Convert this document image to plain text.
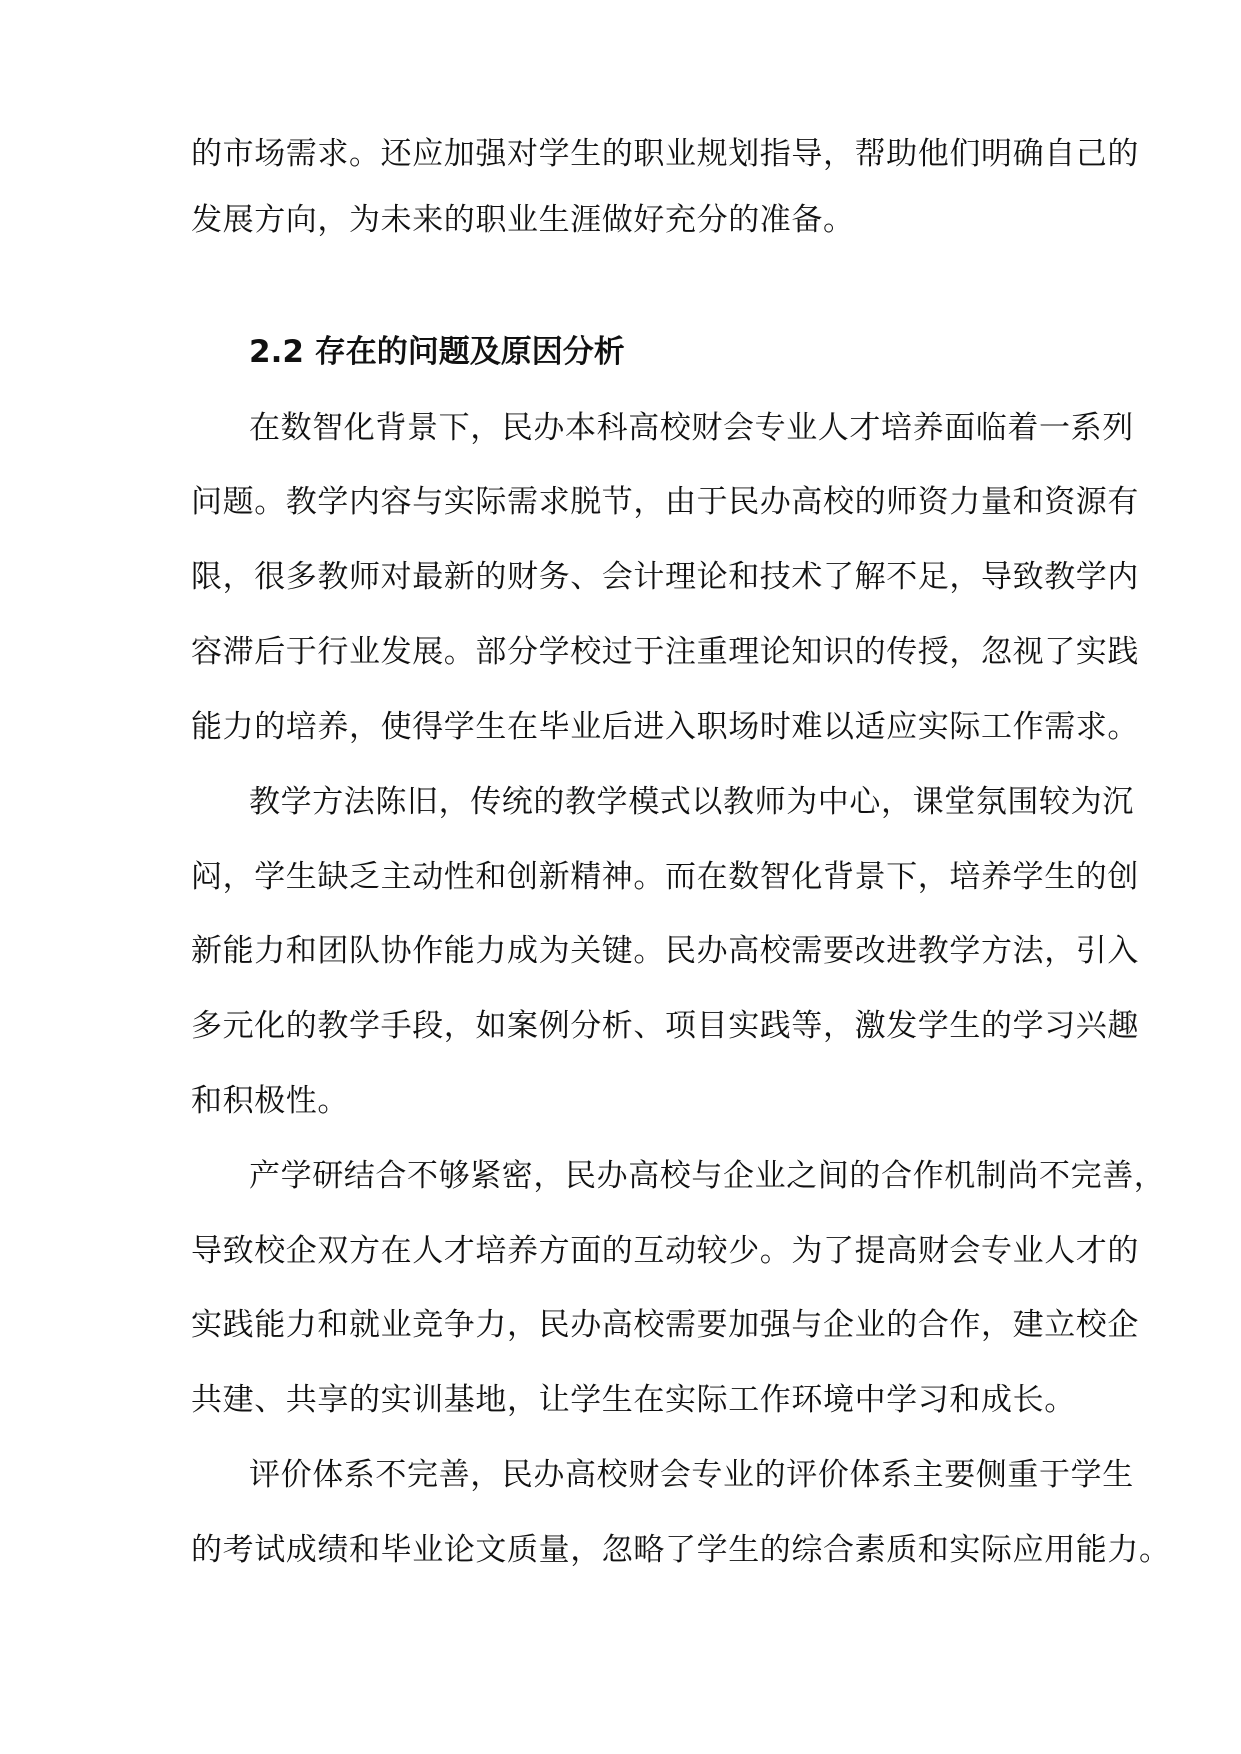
的市场需求。还应加强对学生的职业规划指导，帮助他们明确自己的
发展方向，为未来的职业生涯做好充分的准备。
2.2 存在的问题及原因分析
在数智化背景下，民办本科高校财会专业人才培养面临着一系列
问题。教学内容与实际需求脱节，由于民办高校的师资力量和资源有
限，很多教师对最新的财务、会计理论和技术了解不足，导致教学内
容滞后于行业发展。部分学校过于注重理论知识的传授，忽视了实践
能力的培养，使得学生在毕业后进入职场时难以适应实际工作需求。
教学方法陈旧，传统的教学模式以教师为中心，课堂氛围较为沉
闷，学生缺乏主动性和创新精神。而在数智化背景下，培养学生的创
新能力和团队协作能力成为关键。民办高校需要改进教学方法，引入
多元化的教学手段，如案例分析、项目实践等，激发学生的学习兴趣
和积极性。
产学研结合不够紧密，民办高校与企业之间的合作机制尚不完善，
导致校企双方在人才培养方面的互动较少。为了提高财会专业人才的
实践能力和就业竞争力，民办高校需要加强与企业的合作，建立校企
共建、共享的实训基地，让学生在实际工作环境中学习和成长。
评价体系不完善，民办高校财会专业的评价体系主要侧重于学生
的考试成绩和毕业论文质量，忽略了学生的综合素质和实际应用能力。
